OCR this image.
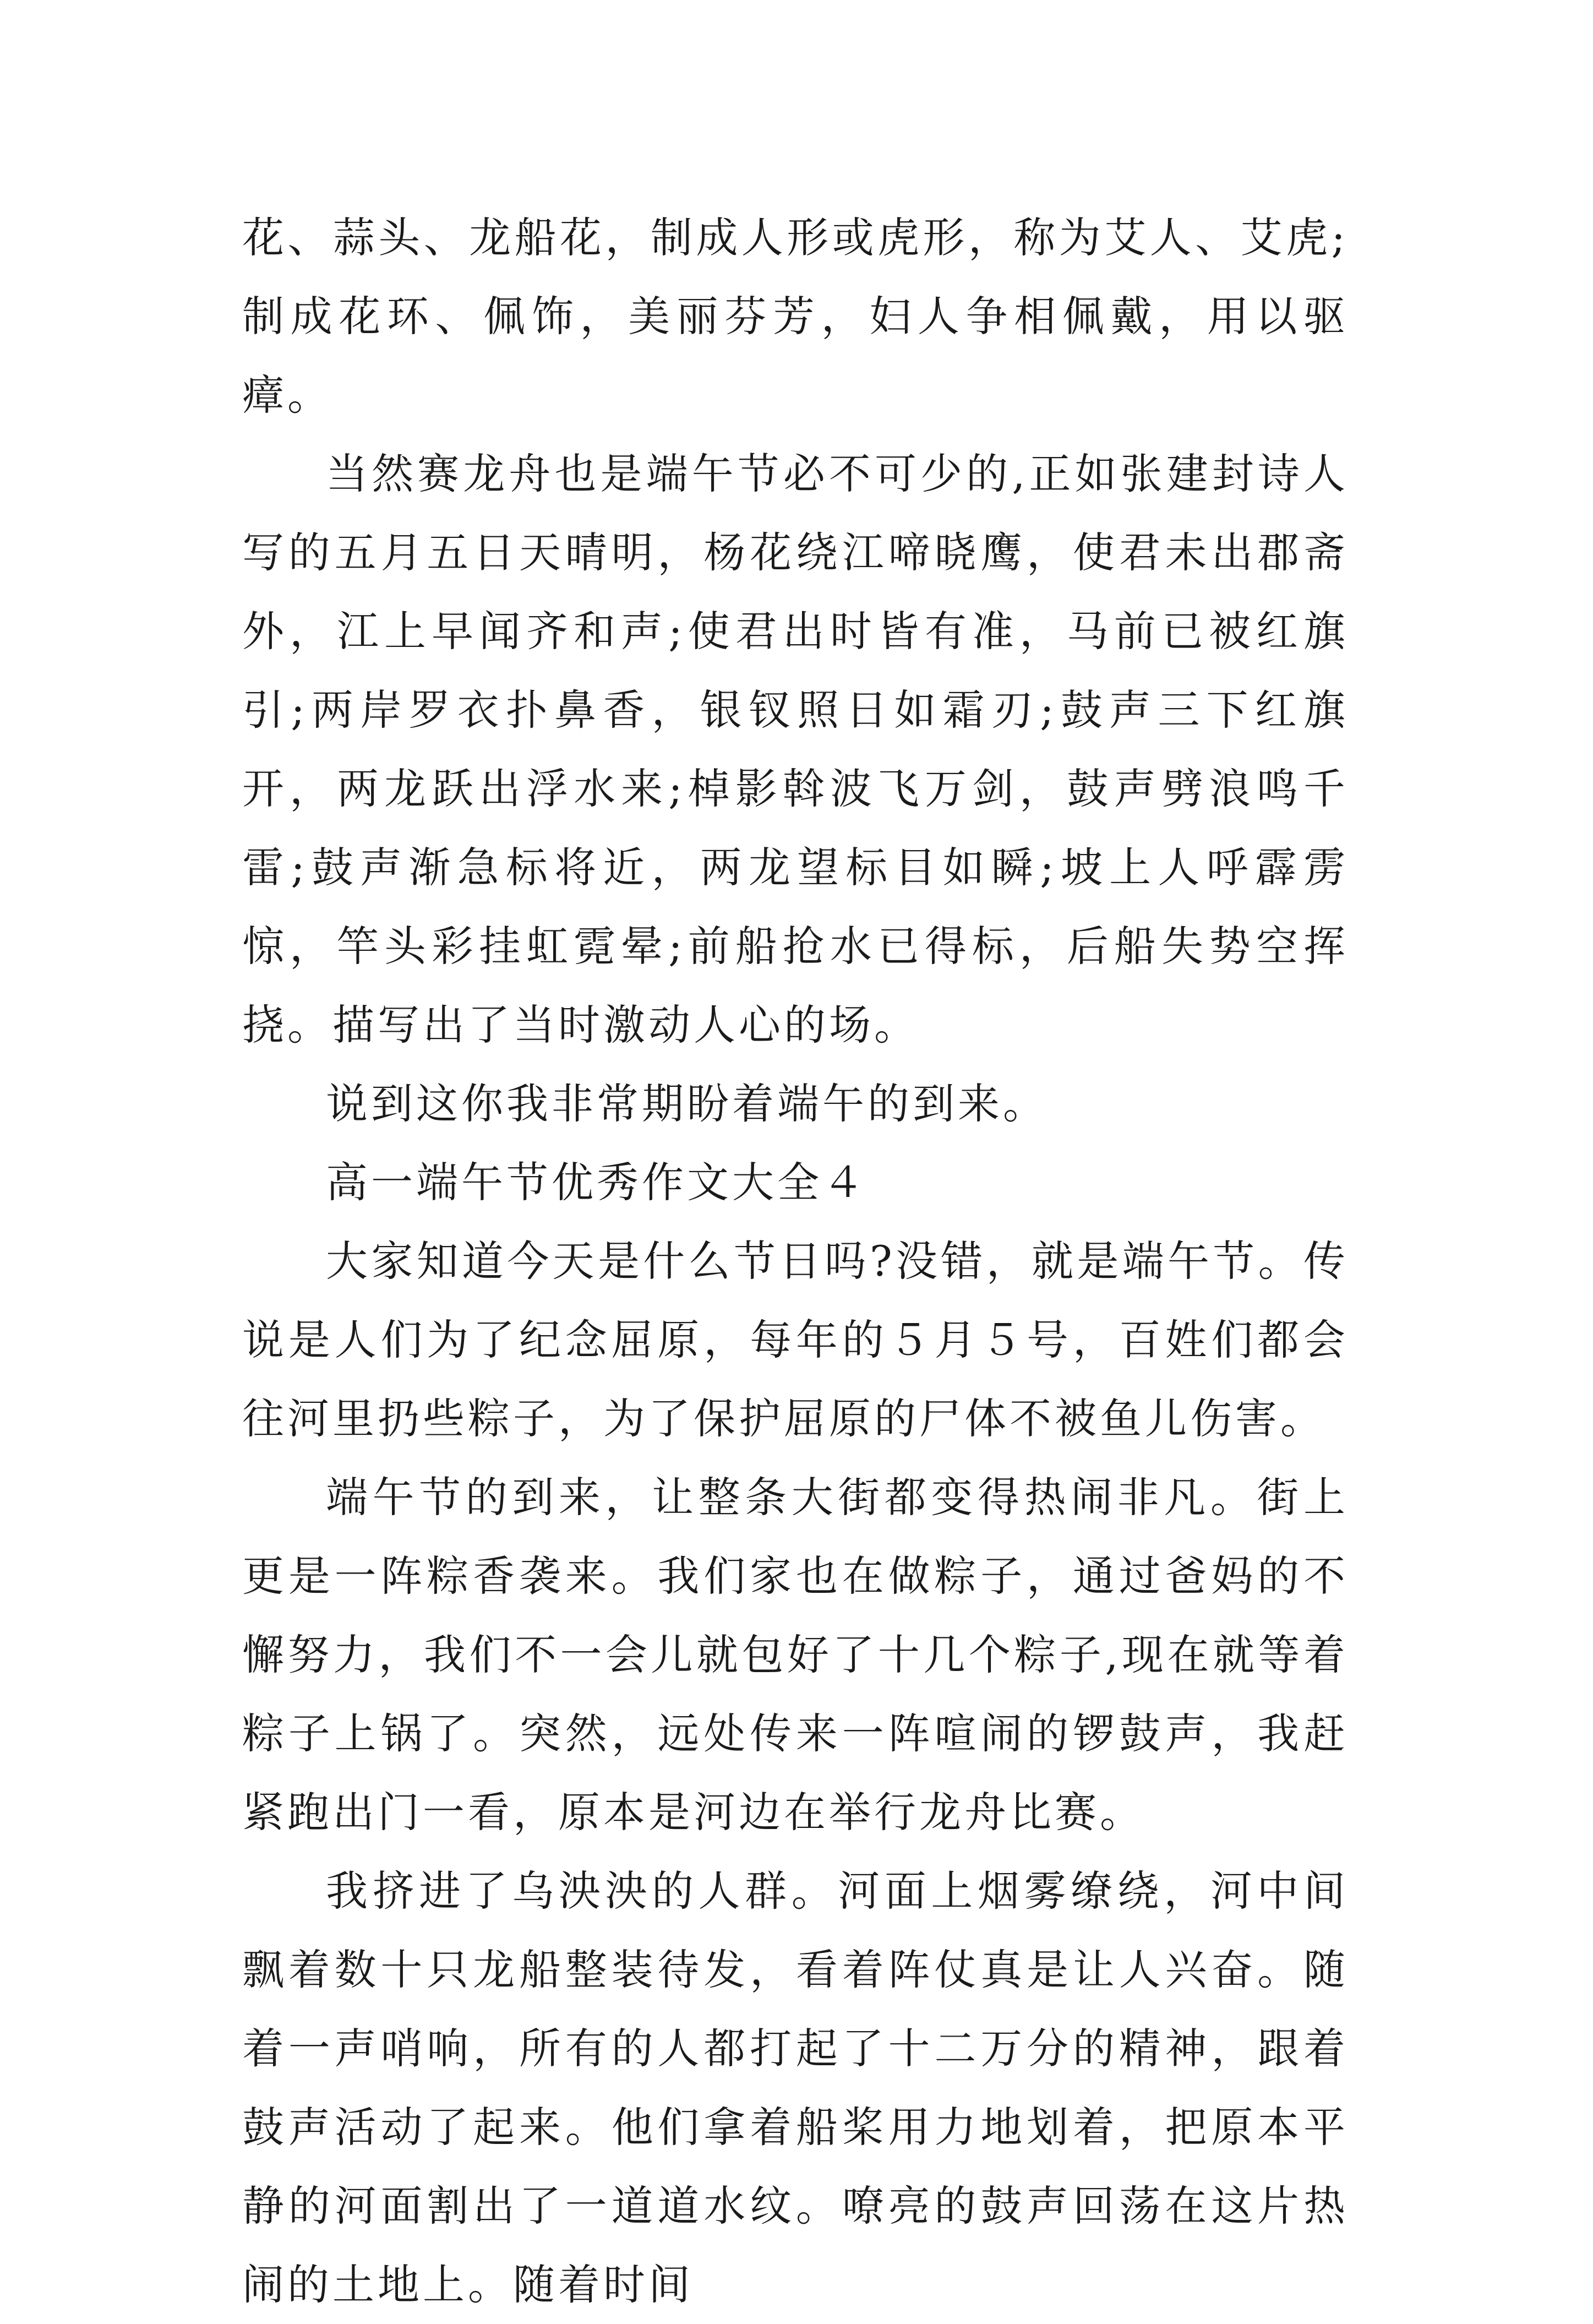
花、蒜头、龙船花，制成人形或虎形，称为艾人、艾虎;制成花环、佩饰，美丽芬芳，妇人争相佩戴，用以驱瘴。

当然赛龙舟也是端午节必不可少的,正如张建封诗人写的五月五日天晴明，杨花绕江啼晓鹰，使君未出郡斋外，江上早闻齐和声;使君出时皆有准，马前已被红旗引;两岸罗衣扑鼻香，银钗照日如霜刃;鼓声三下红旗开，两龙跃出浮水来;棹影斡波飞万剑，鼓声劈浪鸣千雷;鼓声渐急标将近，两龙望标目如瞬;坡上人呼霹雳惊，竿头彩挂虹霓晕;前船抢水已得标，后船失势空挥挠。描写出了当时激动人心的场。

说到这你我非常期盼着端午的到来。

高一端午节优秀作文大全４

大家知道今天是什么节日吗?没错，就是端午节。传说是人们为了纪念屈原，每年的５月５号，百姓们都会往河里扔些粽子，为了保护屈原的尸体不被鱼儿伤害。

端午节的到来，让整条大街都变得热闹非凡。街上更是一阵粽香袭来。我们家也在做粽子，通过爸妈的不懈努力，我们不一会儿就包好了十几个粽子,现在就等着粽子上锅了。突然，远处传来一阵喧闹的锣鼓声，我赶紧跑出门一看，原本是河边在举行龙舟比赛。

我挤进了乌泱泱的人群。河面上烟雾缭绕，河中间飘着数十只龙船整装待发，看着阵仗真是让人兴奋。随着一声哨响，所有的人都打起了十二万分的精神，跟着鼓声活动了起来。他们拿着船桨用力地划着，把原本平静的河面割出了一道道水纹。嘹亮的鼓声回荡在这片热闹的土地上。随着时间
